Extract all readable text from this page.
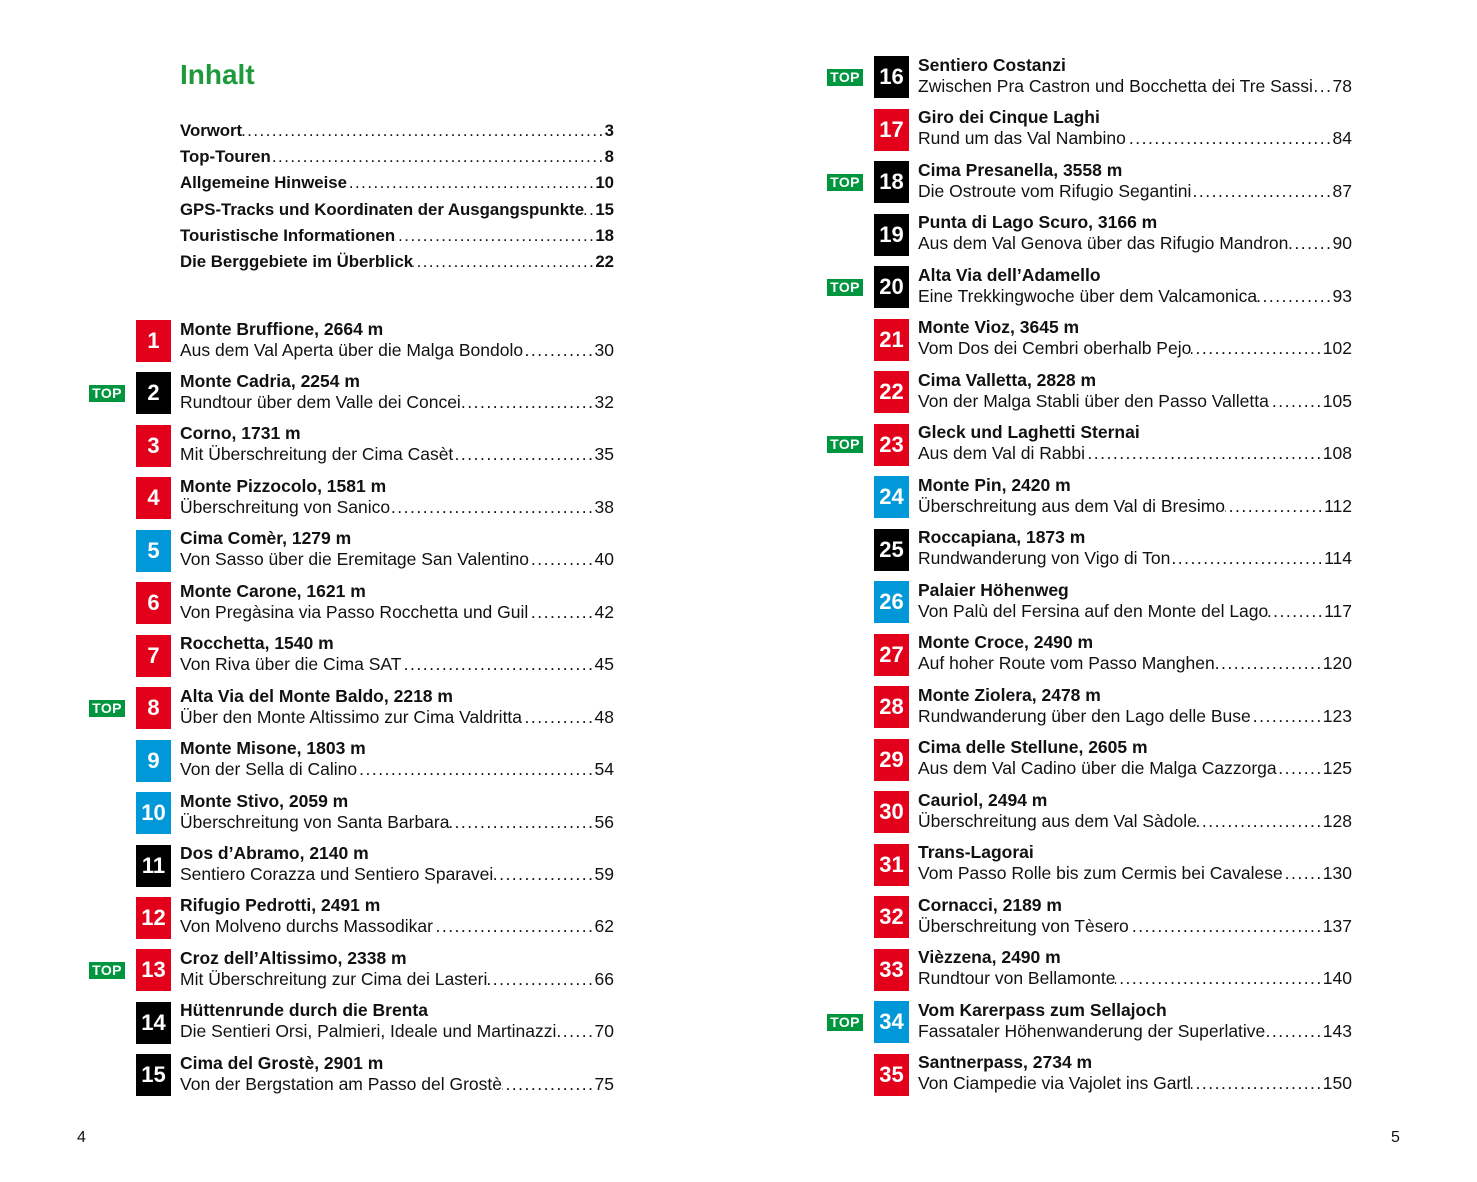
Inhalt
Vorwort .....	3
Top-Touren .....	8
Allgemeine Hinweise .....	10
GPS-Tracks und Koordinaten der Ausgangspunkte ..... 15
Touristische Informationen .....	18
Die Berggebiete im Überblick .....	22
1	Monte Bruffione, 2664 m
Aus dem Val Aperta über die Malga Bondolo .....	30
TOP	2	Monte Cadria, 2254 m
Rundtour über dem Valle dei Concei .....	32
3	Corno, 1731 m
Mit Überschreitung der Cima Casèt .....	35
4	Monte Pizzocolo, 1581 m
Überschreitung von Sanico .....	38
5	Cima Comèr, 1279 m
Von Sasso über die Eremitage San Valentino .....	40
6	Monte Carone, 1621 m
Von Pregàsina via Passo Rocchetta und Guil .....	42
7	Rocchetta, 1540 m
Von Riva über die Cima SAT .....	45
TOP	8	Alta Via del Monte Baldo, 2218 m
Über den Monte Altissimo zur Cima Valdritta .....	48
9	Monte Misone, 1803 m
Von der Sella di Calino .....	54
10 Monte Stivo, 2059 m
Überschreitung von Santa Barbara .....	56
11 Dos d’Abramo, 2140 m
Sentiero Corazza und Sentiero Sparavei .....	59
12 Rifugio Pedrotti, 2491 m
Von Molveno durchs Massodikar .....	62
TOP 13 Croz dell’Altissimo, 2338 m
Mit Überschreitung zur Cima dei Lasteri .....	66
14 Hüttenrunde durch die Brenta
Die Sentieri Orsi, Palmieri, Ideale und Martinazzi. ..... 70
15 Cima del Grostè, 2901 m
Von der Bergstation am Passo del Grostè .....	75
TOP 16 Sentiero Costanzi
Zwischen Pra Castron und Bocchetta dei Tre Sassi ..... 78
17 Giro dei Cinque Laghi
Rund um das Val Nambino .....	84
TOP 18 Cima Presanella, 3558 m
Die Ostroute vom Rifugio Segantini .....	87
19 Punta di Lago Scuro, 3166 m
Aus dem Val Genova über das Rifugio Mandron .....	90
TOP 20 Alta Via dell’Adamello
Eine Trekkingwoche über dem Valcamonica .....	93
21 Monte Vioz, 3645 m
Vom Dos dei Cembri oberhalb Pejo .....	102
22 Cima Valletta, 2828 m
Von der Malga Stabli über den Passo Valletta .....	105
TOP 23 Gleck und Laghetti Sternai
Aus dem Val di Rabbi .....	108
24 Monte Pin, 2420 m
Überschreitung aus dem Val di Bresimo .....	112
25 Roccapiana, 1873 m
Rundwanderung von Vigo di Ton .....	114
26 Palaier Höhenweg
Von Palù del Fersina auf den Monte del Lago .....	117
27 Monte Croce, 2490 m
Auf hoher Route vom Passo Manghen .....	120
28 Monte Ziolera, 2478 m
Rundwanderung über den Lago delle Buse .....	123
29 Cima delle Stellune, 2605 m
Aus dem Val Cadino über die Malga Cazzorga .....	125
30 Cauriol, 2494 m
Überschreitung aus dem Val Sàdole .....	128
31 Trans-Lagorai
Vom Passo Rolle bis zum Cermis bei Cavalese ..... 130
32 Cornacci, 2189 m
Überschreitung von Tèsero .....	137
33 Vièzzena, 2490 m
Rundtour von Bellamonte .....	140
TOP 34 Vom Karerpass zum Sellajoch
Fassataler Höhenwanderung der Superlative .....	143
35 Santnerpass, 2734 m
Von Ciampedie via Vajolet ins Gartl .....	150
4	5
